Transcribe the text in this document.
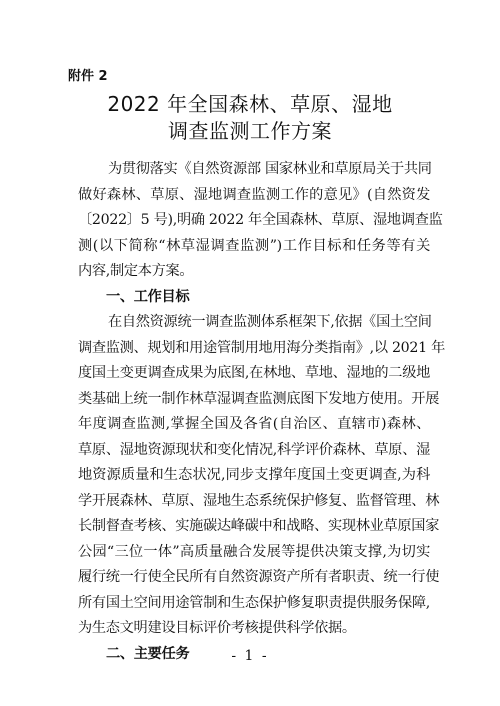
附件 2
2022 年全国森林、草原、湿地
调查监测工作方案
为贯彻落实《自然资源部 国家林业和草原局关于共同
做好森林、草原、湿地调查监测工作的意见》(自然资发
〔2022〕5 号),明确 2022 年全国森林、草原、湿地调查监
测(以下简称“林草湿调查监测”)工作目标和任务等有关
内容,制定本方案。
一、工作目标
在自然资源统一调查监测体系框架下,依据《国土空间
调查监测、规划和用途管制用地用海分类指南》,以 2021 年
度国土变更调查成果为底图,在林地、草地、湿地的二级地
类基础上统一制作林草湿调查监测底图下发地方使用。开展
年度调查监测,掌握全国及各省(自治区、直辖市)森林、
草原、湿地资源现状和变化情况,科学评价森林、草原、湿
地资源质量和生态状况,同步支撑年度国土变更调查,为科
学开展森林、草原、湿地生态系统保护修复、监督管理、林
长制督查考核、实施碳达峰碳中和战略、实现林业草原国家
公园“三位一体”高质量融合发展等提供决策支撑,为切实
履行统一行使全民所有自然资源资产所有者职责、统一行使
所有国土空间用途管制和生态保护修复职责提供服务保障,
为生态文明建设目标评价考核提供科学依据。
二、主要任务	- 1 -
